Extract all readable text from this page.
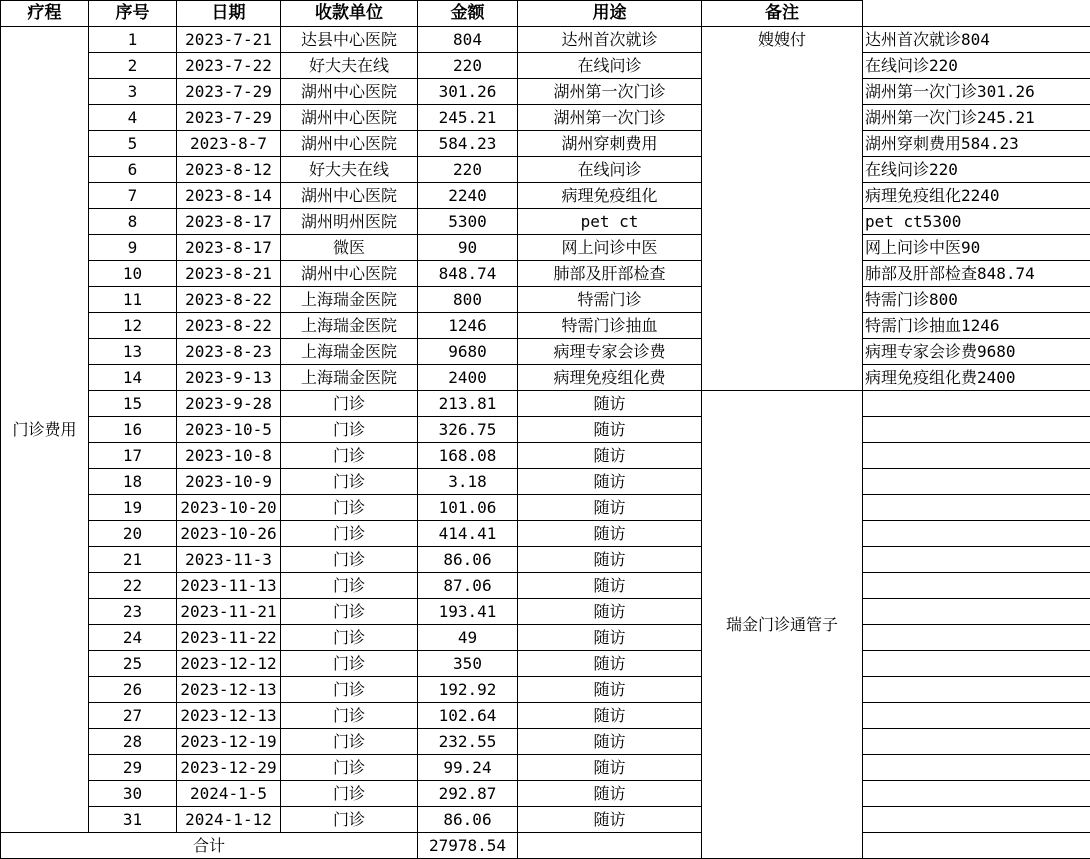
疗程	序号	日期	收款单位	金额	用途	备注	
门诊费用	1	2023-7-21	达县中心医院	804	达州首次就诊	嫂嫂付	达州首次就诊804
	2	2023-7-22	好大夫在线	220	在线问诊		在线问诊220
	3	2023-7-29	湖州中心医院	301.26	湖州第一次门诊		湖州第一次门诊301.26
	4	2023-7-29	湖州中心医院	245.21	湖州第一次门诊		湖州第一次门诊245.21
	5	2023-8-7	湖州中心医院	584.23	湖州穿刺费用		湖州穿刺费用584.23
	6	2023-8-12	好大夫在线	220	在线问诊		在线问诊220
	7	2023-8-14	湖州中心医院	2240	病理免疫组化		病理免疫组化2240
	8	2023-8-17	湖州明州医院	5300	pet ct		pet ct5300
	9	2023-8-17	微医	90	网上问诊中医		网上问诊中医90
	10	2023-8-21	湖州中心医院	848.74	肺部及肝部检查		肺部及肝部检查848.74
	11	2023-8-22	上海瑞金医院	800	特需门诊		特需门诊800
	12	2023-8-22	上海瑞金医院	1246	特需门诊抽血		特需门诊抽血1246
	13	2023-8-23	上海瑞金医院	9680	病理专家会诊费		病理专家会诊费9680
	14	2023-9-13	上海瑞金医院	2400	病理免疫组化费		病理免疫组化费2400
	15	2023-9-28	门诊	213.81	随访	瑞金门诊通管子	
	16	2023-10-5	门诊	326.75	随访		
	17	2023-10-8	门诊	168.08	随访		
	18	2023-10-9	门诊	3.18	随访		
	19	2023-10-20	门诊	101.06	随访		
	20	2023-10-26	门诊	414.41	随访		
	21	2023-11-3	门诊	86.06	随访		
	22	2023-11-13	门诊	87.06	随访		
	23	2023-11-21	门诊	193.41	随访		
	24	2023-11-22	门诊	49	随访		
	25	2023-12-12	门诊	350	随访		
	26	2023-12-13	门诊	192.92	随访		
	27	2023-12-13	门诊	102.64	随访		
	28	2023-12-19	门诊	232.55	随访		
	29	2023-12-29	门诊	99.24	随访		
	30	2024-1-5	门诊	292.87	随访		
	31	2024-1-12	门诊	86.06	随访		
合计				27978.54			
